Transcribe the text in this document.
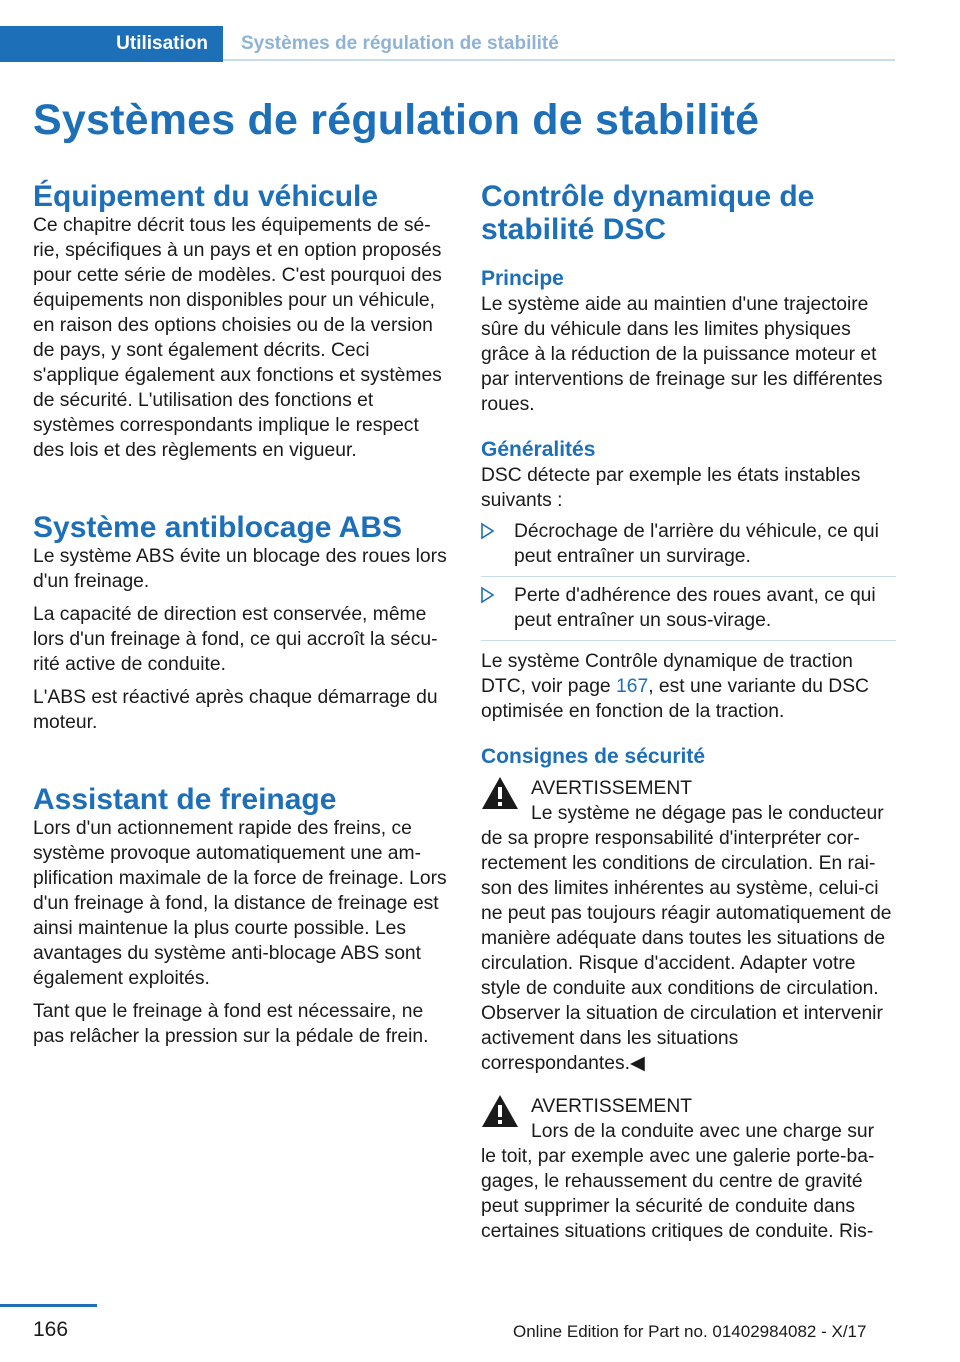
Utilisation	Systèmes de régulation de stabilité
Systèmes de régulation de stabilité
Équipement du véhicule

Ce chapitre décrit tous les équipements de série, spécifiques à un pays et en option proposés pour cette série de modèles. C'est pourquoi des équipements non disponibles pour un véhicule, en raison des options choisies ou de la version de pays, y sont également décrits. Ceci s'applique également aux fonctions et systèmes de sécurité. L'utilisation des fonctions et systèmes correspondants implique le respect des lois et des règlements en vigueur.

Système antiblocage ABS

Le système ABS évite un blocage des roues lors d'un freinage.

La capacité de direction est conservée, même lors d'un freinage à fond, ce qui accroît la sécurité active de conduite.

L'ABS est réactivé après chaque démarrage du moteur.

Assistant de freinage

Lors d'un actionnement rapide des freins, ce système provoque automatiquement une amplification maximale de la force de freinage. Lors d'un freinage à fond, la distance de freinage est ainsi maintenue la plus courte possible. Les avantages du système anti-blocage ABS sont également exploités.

Tant que le freinage à fond est nécessaire, ne pas relâcher la pression sur la pédale de frein.

Contrôle dynamique de stabilité DSC
Principe

Le système aide au maintien d'une trajectoire sûre du véhicule dans les limites physiques grâce à la réduction de la puissance moteur et par interventions de freinage sur les différentes roues.

Généralités

DSC détecte par exemple les états instables suivants :

Décrochage de l'arrière du véhicule, ce qui peut entraîner un survirage.
Perte d'adhérence des roues avant, ce qui peut entraîner un sous-virage.

Le système Contrôle dynamique de traction DTC, voir page 167, est une variante du DSC optimisée en fonction de la traction.

Consignes de sécurité

AVERTISSEMENT

Le système ne dégage pas le conducteur

de sa propre responsabilité d'interpréter correctement les conditions de circulation. En raison des limites inhérentes au système, celui-ci ne peut pas toujours réagir automatiquement de manière adéquate dans toutes les situations de circulation. Risque d'accident. Adapter votre style de conduite aux conditions de circulation. Observer la situation de circulation et intervenir activement dans les situations correspondantes.◀

AVERTISSEMENT

Lors de la conduite avec une charge sur

le toit, par exemple avec une galerie porte-bagages, le rehaussement du centre de gravité peut supprimer la sécurité de conduite dans certaines situations critiques de conduite. Ris-

166	Online Edition for Part no. 01402984082 - X/17
